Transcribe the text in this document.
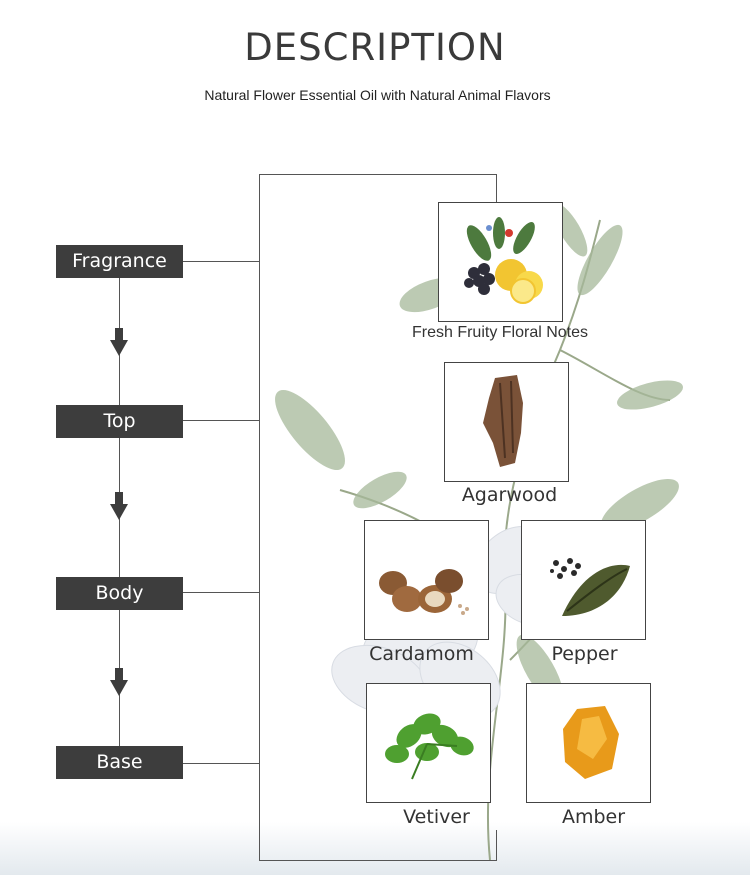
DESCRIPTION
Natural Flower Essential Oil with Natural Animal Flavors
Fragrance
Top
Body
Base
Fresh Fruity Floral Notes
Agarwood
Cardamom	Pepper
Vetiver	Amber
